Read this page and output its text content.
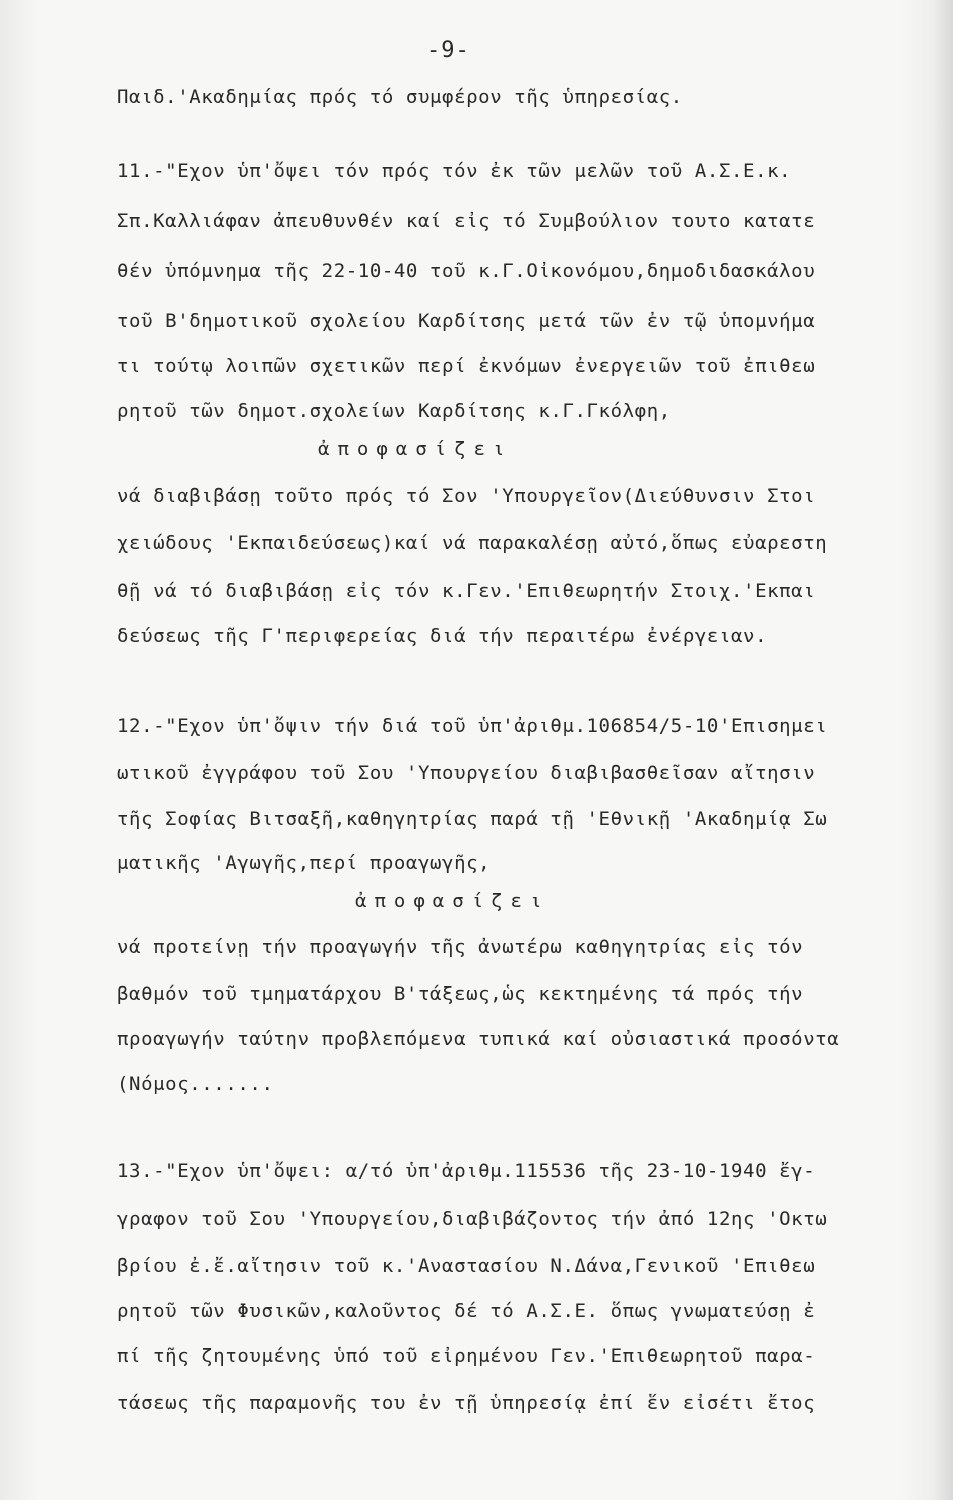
-9-
Παιδ.'Ακαδημίας πρός τό συμφέρον τῆς ὑπηρεσίας.
11.-"Εχον ὑπ'ὄψει τόν πρός τόν ἐκ τῶν μελῶν τοῦ Α.Σ.Ε.κ.
Σπ.Καλλιάφαν ἀπευθυνθέν καί εἰς τό Συμβούλιον τουτο κατατε
θέν ὑπόμνημα τῆς 22-10-40 τοῦ κ.Γ.Οἰκονόμου,δημοδιδασκάλου
τοῦ Β'δημοτικοῦ σχολείου Καρδίτσης μετά τῶν ἐν τῷ ὑπομνήμα
τι τούτῳ λοιπῶν σχετικῶν περί ἐκνόμων ἐνεργειῶν τοῦ ἐπιθεω
ρητοῦ τῶν δημοτ.σχολείων Καρδίτσης κ.Γ.Γκόλφη,
ἀποφασίζει
νά διαβιβάσῃ τοῦτο πρός τό Σον 'Υπουργεῖον(Διεύθυνσιν Στοι
χειώδους 'Εκπαιδεύσεως)καί νά παρακαλέσῃ αὐτό,ὅπως εὐαρεστη
θῇ νά τό διαβιβάσῃ εἰς τόν κ.Γεν.'Επιθεωρητήν Στοιχ.'Εκπαι
δεύσεως τῆς Γ'περιφερείας διά τήν περαιτέρω ἐνέργειαν.
12.-"Εχον ὑπ'ὄψιν τήν διά τοῦ ὑπ'ἀριθμ.106854/5-10'Επισημει
ωτικοῦ ἐγγράφου τοῦ Σου 'Υπουργείου διαβιβασθεῖσαν αἴτησιν
τῆς Σοφίας Βιτσαξῆ,καθηγητρίας παρά τῇ 'Εθνικῇ 'Ακαδημίᾳ Σω
ματικῆς 'Αγωγῆς,περί προαγωγῆς,
ἀποφασίζει
νά προτείνῃ τήν προαγωγήν τῆς ἀνωτέρω καθηγητρίας εἰς τόν
βαθμόν τοῦ τμηματάρχου Β'τάξεως,ὡς κεκτημένης τά πρός τήν
προαγωγήν ταύτην προβλεπόμενα τυπικά καί οὐσιαστικά προσόντα
(Νόμος.......
13.-"Εχον ὑπ'ὄψει: α/τό ὑπ'ἀριθμ.115536 τῆς 23-10-1940 ἔγ-
γραφον τοῦ Σου 'Υπουργείου,διαβιβάζοντος τήν ἀπό 12ης 'Οκτω
βρίου ἐ.ἔ.αἴτησιν τοῦ κ.'Αναστασίου Ν.Δάνα,Γενικοῦ 'Επιθεω
ρητοῦ τῶν Φυσικῶν,καλοῦντος δέ τό Α.Σ.Ε. ὅπως γνωματεύσῃ ἐ
πί τῆς ζητουμένης ὑπό τοῦ εἰρημένου Γεν.'Επιθεωρητοῦ παρα-
τάσεως τῆς παραμονῆς του ἐν τῇ ὑπηρεσίᾳ ἐπί ἕν εἰσέτι ἔτος
